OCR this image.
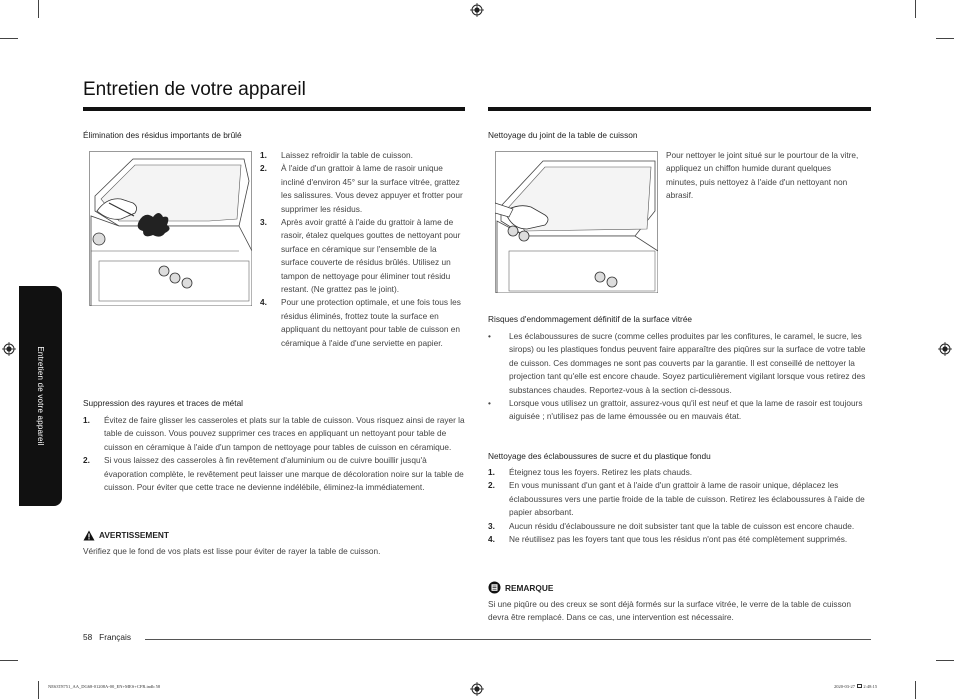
Entretien de votre appareil
Entretien de votre appareil
Élimination des résidus importants de brûlé
1. Laissez refroidir la table de cuisson.
2. À l'aide d'un grattoir à lame de rasoir unique incliné d'environ 45° sur la surface vitrée, grattez les salissures. Vous devez appuyer et frotter pour supprimer les résidus.
3. Après avoir gratté à l'aide du grattoir à lame de rasoir, étalez quelques gouttes de nettoyant pour surface en céramique sur l'ensemble de la surface couverte de résidus brûlés. Utilisez un tampon de nettoyage pour éliminer tout résidu restant. (Ne grattez pas le joint).
4. Pour une protection optimale, et une fois tous les résidus éliminés, frottez toute la surface en appliquant du nettoyant pour table de cuisson en céramique à l'aide d'une serviette en papier.
Suppression des rayures et traces de métal
1. Évitez de faire glisser les casseroles et plats sur la table de cuisson. Vous risquez ainsi de rayer la table de cuisson. Vous pouvez supprimer ces traces en appliquant un nettoyant pour table de cuisson en céramique à l'aide d'un tampon de nettoyage pour tables de cuisson en céramique.
2. Si vous laissez des casseroles à fin revêtement d'aluminium ou de cuivre bouillir jusqu'à évaporation complète, le revêtement peut laisser une marque de décoloration noire sur la table de cuisson. Pour éviter que cette trace ne devienne indélébile, éliminez-la immédiatement.
AVERTISSEMENT
Vérifiez que le fond de vos plats est lisse pour éviter de rayer la table de cuisson.
58 Français
NE63T8751_AA_DG68-01208A-00_EN+MES+CFR.indb 58	2020-03-27 2:48:15
Nettoyage du joint de la table de cuisson
Pour nettoyer le joint situé sur le pourtour de la vitre, appliquez un chiffon humide durant quelques minutes, puis nettoyez à l'aide d'un nettoyant non abrasif.
Risques d'endommagement définitif de la surface vitrée
• Les éclaboussures de sucre (comme celles produites par les confitures, le caramel, le sucre, les sirops) ou les plastiques fondus peuvent faire apparaître des piqûres sur la surface de votre table de cuisson. Ces dommages ne sont pas couverts par la garantie. Il est conseillé de nettoyer la projection tant qu'elle est encore chaude. Soyez particulièrement vigilant lorsque vous retirez des substances chaudes. Reportez-vous à la section ci-dessous.
• Lorsque vous utilisez un grattoir, assurez-vous qu'il est neuf et que la lame de rasoir est toujours aiguisée ; n'utilisez pas de lame émoussée ou en mauvais état.
Nettoyage des éclaboussures de sucre et du plastique fondu
1. Éteignez tous les foyers. Retirez les plats chauds.
2. En vous munissant d'un gant et à l'aide d'un grattoir à lame de rasoir unique, déplacez les éclaboussures vers une partie froide de la table de cuisson. Retirez les éclaboussures à l'aide de papier absorbant.
3. Aucun résidu d'éclaboussure ne doit subsister tant que la table de cuisson est encore chaude.
4. Ne réutilisez pas les foyers tant que tous les résidus n'ont pas été complètement supprimés.
REMARQUE
Si une piqûre ou des creux se sont déjà formés sur la surface vitrée, le verre de la table de cuisson devra être remplacé. Dans ce cas, une intervention est nécessaire.
